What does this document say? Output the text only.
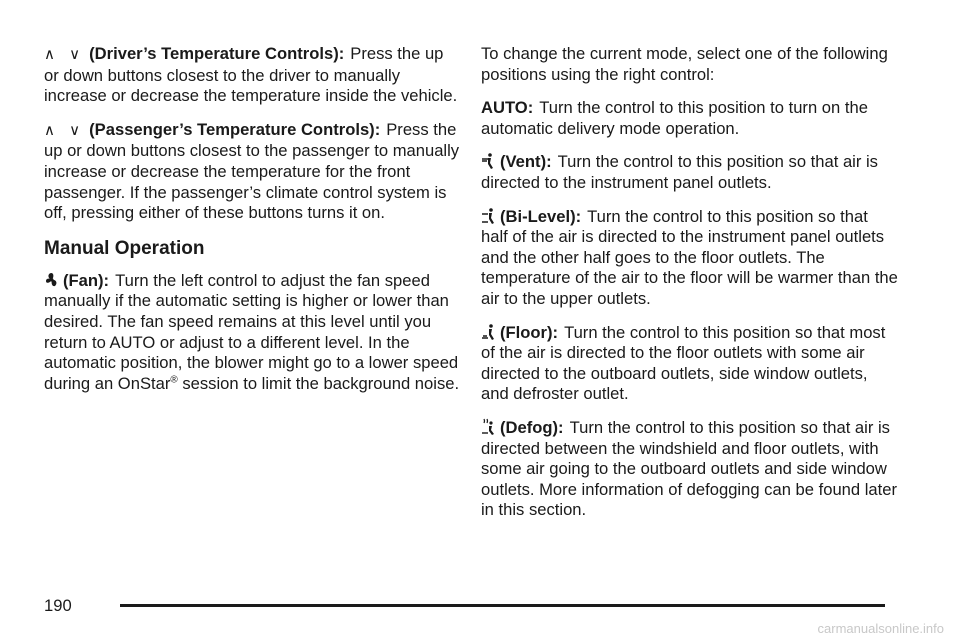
∧ ∨ (Driver’s Temperature Controls): Press the up or down buttons closest to the driver to manually increase or decrease the temperature inside the vehicle.

∧ ∨ (Passenger’s Temperature Controls): Press the up or down buttons closest to the passenger to manually increase or decrease the temperature for the front passenger. If the passenger’s climate control system is off, pressing either of these buttons turns it on.

Manual Operation

(Fan): Turn the left control to adjust the fan speed manually if the automatic setting is higher or lower than desired. The fan speed remains at this level until you return to AUTO or adjust to a different level. In the automatic position, the blower might go to a lower speed during an OnStar® session to limit the background noise.

To change the current mode, select one of the following positions using the right control:

AUTO: Turn the control to this position to turn on the automatic delivery mode operation.

(Vent): Turn the control to this position so that air is directed to the instrument panel outlets.

(Bi-Level): Turn the control to this position so that half of the air is directed to the instrument panel outlets and the other half goes to the floor outlets. The temperature of the air to the floor will be warmer than the air to the upper outlets.

(Floor): Turn the control to this position so that most of the air is directed to the floor outlets with some air directed to the outboard outlets, side window outlets, and defroster outlet.

(Defog): Turn the control to this position so that air is directed between the windshield and floor outlets, with some air going to the outboard outlets and side window outlets. More information of defogging can be found later in this section.

190
carmanualsonline.info
